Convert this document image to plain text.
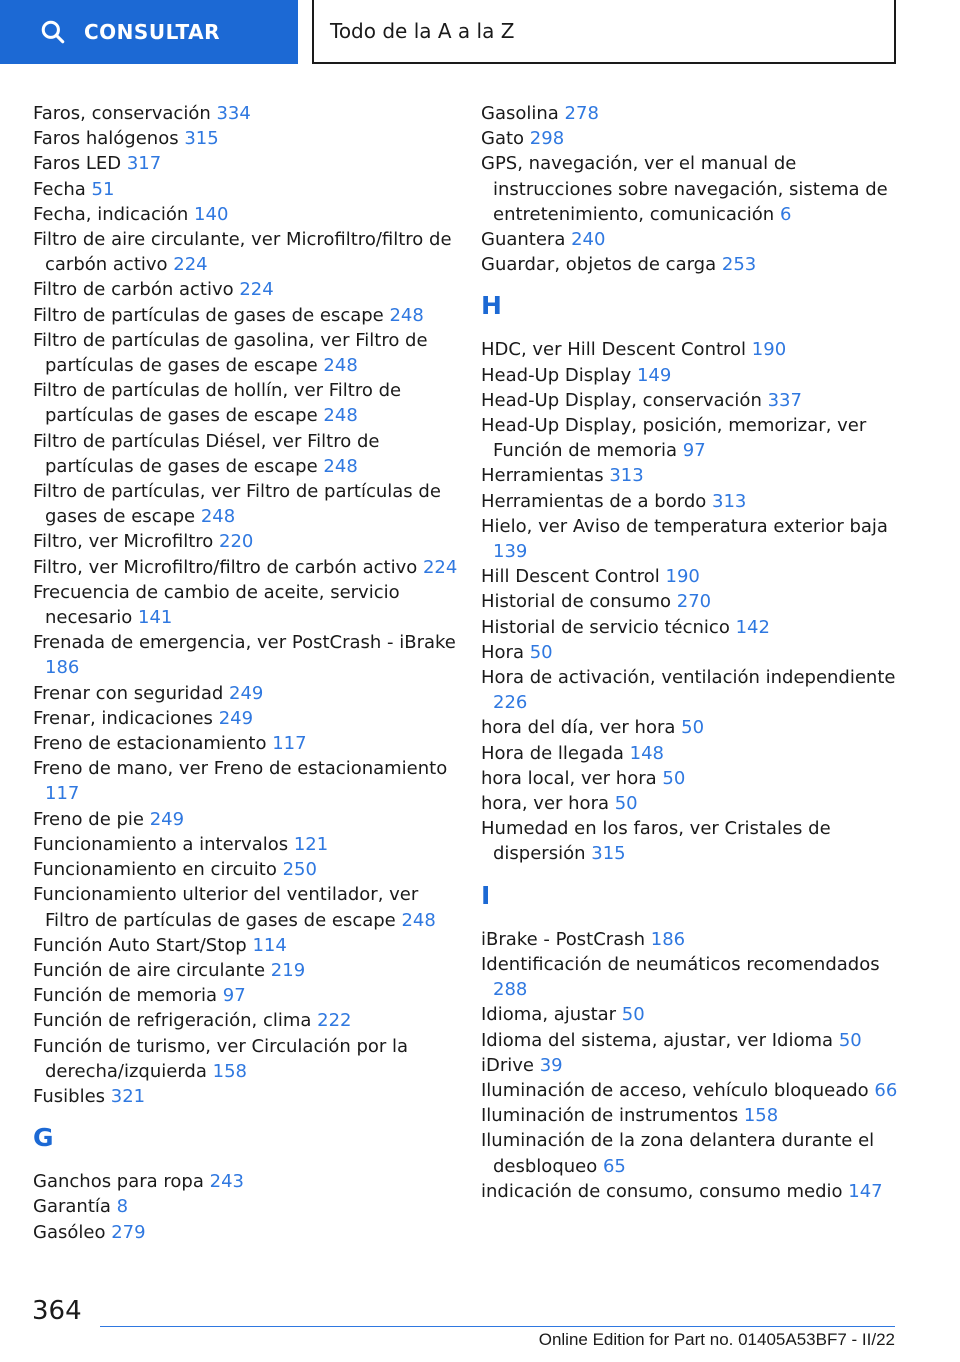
CONSULTAR	Todo de la A a la Z
Faros, conservación 334
Faros halógenos 315
Faros LED 317
Fecha 51
Fecha, indicación 140
Filtro de aire circulante, ver Microfiltro/filtro de carbón activo 224
Filtro de carbón activo 224
Filtro de partículas de gases de escape 248
Filtro de partículas de gasolina, ver Filtro de partículas de gases de escape 248
Filtro de partículas de hollín, ver Filtro de partículas de gases de escape 248
Filtro de partículas Diésel, ver Filtro de partículas de gases de escape 248
Filtro de partículas, ver Filtro de partículas de gases de escape 248
Filtro, ver Microfiltro 220
Filtro, ver Microfiltro/filtro de carbón activo 224
Frecuencia de cambio de aceite, servicio necesario 141
Frenada de emergencia, ver PostCrash - iBrake 186
Frenar con seguridad 249
Frenar, indicaciones 249
Freno de estacionamiento 117
Freno de mano, ver Freno de estacionamiento 117
Freno de pie 249
Funcionamiento a intervalos 121
Funcionamiento en circuito 250
Funcionamiento ulterior del ventilador, ver Filtro de partículas de gases de escape 248
Función Auto Start/Stop 114
Función de aire circulante 219
Función de memoria 97
Función de refrigeración, clima 222
Función de turismo, ver Circulación por la derecha/izquierda 158
Fusibles 321
G
Ganchos para ropa 243
Garantía 8
Gasóleo 279
Gasolina 278
Gato 298
GPS, navegación, ver el manual de instrucciones sobre navegación, sistema de entretenimiento, comunicación 6
Guantera 240
Guardar, objetos de carga 253
H
HDC, ver Hill Descent Control 190
Head-Up Display 149
Head-Up Display, conservación 337
Head-Up Display, posición, memorizar, ver Función de memoria 97
Herramientas 313
Herramientas de a bordo 313
Hielo, ver Aviso de temperatura exterior baja 139
Hill Descent Control 190
Historial de consumo 270
Historial de servicio técnico 142
Hora 50
Hora de activación, ventilación independiente 226
hora del día, ver hora 50
Hora de llegada 148
hora local, ver hora 50
hora, ver hora 50
Humedad en los faros, ver Cristales de dispersión 315
I
iBrake - PostCrash 186
Identificación de neumáticos recomendados 288
Idioma, ajustar 50
Idioma del sistema, ajustar, ver Idioma 50
iDrive 39
Iluminación de acceso, vehículo bloqueado 66
Iluminación de instrumentos 158
Iluminación de la zona delantera durante el desbloqueo 65
indicación de consumo, consumo medio 147
364
Online Edition for Part no. 01405A53BF7 - II/22
